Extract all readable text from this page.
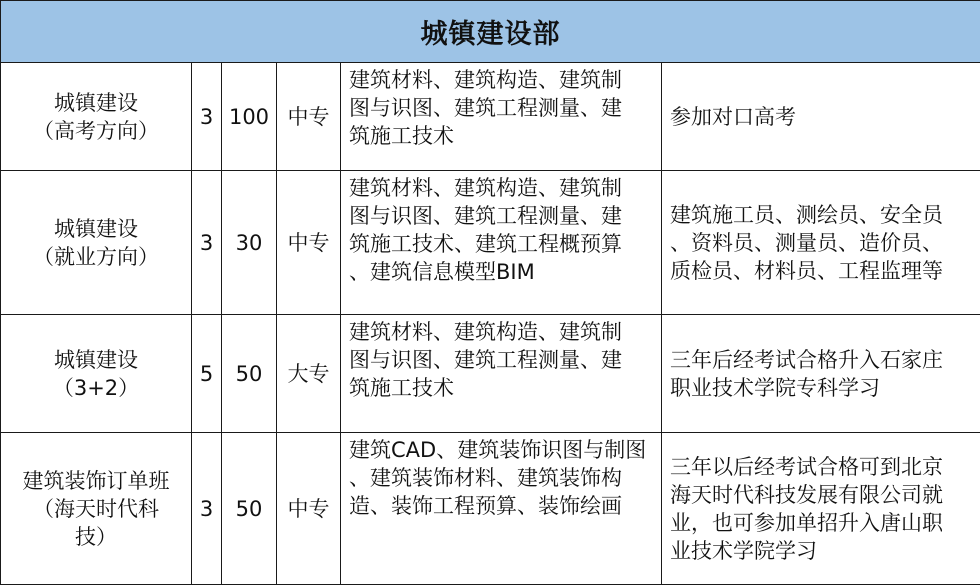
城镇建设部					

城镇建设
（高考方向）	3	100	中专	建筑材料、建筑构造、建筑制
图与识图、建筑工程测量、建
筑施工技术	参加对口高考

城镇建设
（就业方向）	3	30	中专	建筑材料、建筑构造、建筑制
图与识图、建筑工程测量、建
筑施工技术、建筑工程概预算
、建筑信息模型BIM	建筑施工员、测绘员、安全员
、资料员、测量员、造价员、
质检员、材料员、工程监理等

城镇建设
（3+2）	5	50	大专	建筑材料、建筑构造、建筑制
图与识图、建筑工程测量、建
筑施工技术	三年后经考试合格升入石家庄
职业技术学院专科学习

建筑装饰订单班
（海天时代科
技）	3	50	中专	建筑CAD、建筑装饰识图与制图
、建筑装饰材料、建筑装饰构
造、装饰工程预算、装饰绘画	三年以后经考试合格可到北京
海天时代科技发展有限公司就
业，也可参加单招升入唐山职
业技术学院学习
